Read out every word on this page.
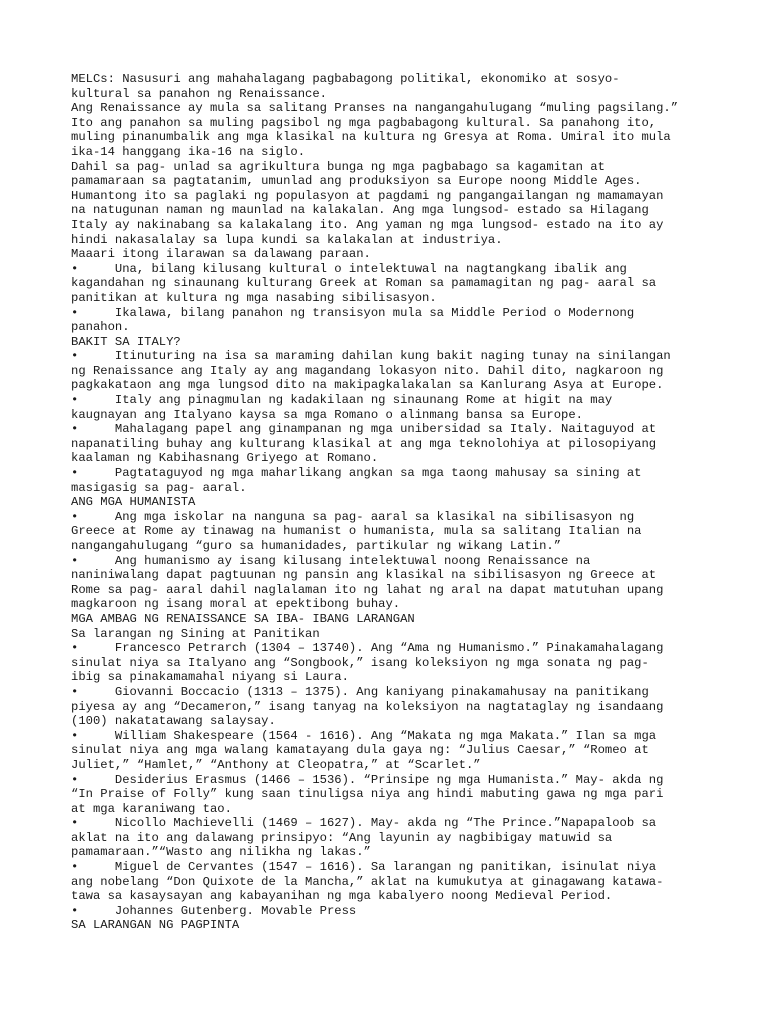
MELCs: Nasusuri ang mahahalagang pagbabagong politikal, ekonomiko at sosyo-
kultural sa panahon ng Renaissance.
Ang Renaissance ay mula sa salitang Pranses na nangangahulugang “muling pagsilang.”
Ito ang panahon sa muling pagsibol ng mga pagbabagong kultural. Sa panahong ito,
muling pinanumbalik ang mga klasikal na kultura ng Gresya at Roma. Umiral ito mula
ika-14 hanggang ika-16 na siglo.
Dahil sa pag- unlad sa agrikultura bunga ng mga pagbabago sa kagamitan at
pamamaraan sa pagtatanim, umunlad ang produksiyon sa Europe noong Middle Ages.
Humantong ito sa paglaki ng populasyon at pagdami ng pangangailangan ng mamamayan
na natugunan naman ng maunlad na kalakalan. Ang mga lungsod- estado sa Hilagang
Italy ay nakinabang sa kalakalang ito. Ang yaman ng mga lungsod- estado na ito ay
hindi nakasalalay sa lupa kundi sa kalakalan at industriya.
Maaari itong ilarawan sa dalawang paraan.
•     Una, bilang kilusang kultural o intelektuwal na nagtangkang ibalik ang
kagandahan ng sinaunang kulturang Greek at Roman sa pamamagitan ng pag- aaral sa
panitikan at kultura ng mga nasabing sibilisasyon.
•     Ikalawa, bilang panahon ng transisyon mula sa Middle Period o Modernong
panahon.
BAKIT SA ITALY?
•     Itinuturing na isa sa maraming dahilan kung bakit naging tunay na sinilangan
ng Renaissance ang Italy ay ang magandang lokasyon nito. Dahil dito, nagkaroon ng
pagkakataon ang mga lungsod dito na makipagkalakalan sa Kanlurang Asya at Europe.
•     Italy ang pinagmulan ng kadakilaan ng sinaunang Rome at higit na may
kaugnayan ang Italyano kaysa sa mga Romano o alinmang bansa sa Europe.
•     Mahalagang papel ang ginampanan ng mga unibersidad sa Italy. Naitaguyod at
napanatiling buhay ang kulturang klasikal at ang mga teknolohiya at pilosopiyang
kaalaman ng Kabihasnang Griyego at Romano.
•     Pagtataguyod ng mga maharlikang angkan sa mga taong mahusay sa sining at
masigasig sa pag- aaral.
ANG MGA HUMANISTA
•     Ang mga iskolar na nanguna sa pag- aaral sa klasikal na sibilisasyon ng
Greece at Rome ay tinawag na humanist o humanista, mula sa salitang Italian na
nangangahulugang “guro sa humanidades, partikular ng wikang Latin.”
•     Ang humanismo ay isang kilusang intelektuwal noong Renaissance na
naniniwalang dapat pagtuunan ng pansin ang klasikal na sibilisasyon ng Greece at
Rome sa pag- aaral dahil naglalaman ito ng lahat ng aral na dapat matutuhan upang
magkaroon ng isang moral at epektibong buhay.
MGA AMBAG NG RENAISSANCE SA IBA- IBANG LARANGAN
Sa larangan ng Sining at Panitikan
•     Francesco Petrarch (1304 – 13740). Ang “Ama ng Humanismo.” Pinakamahalagang
sinulat niya sa Italyano ang “Songbook,” isang koleksiyon ng mga sonata ng pag-
ibig sa pinakamamahal niyang si Laura.
•     Giovanni Boccacio (1313 – 1375). Ang kaniyang pinakamahusay na panitikang
piyesa ay ang “Decameron,” isang tanyag na koleksiyon na nagtataglay ng isandaang
(100) nakatatawang salaysay.
•     William Shakespeare (1564 - 1616). Ang “Makata ng mga Makata.” Ilan sa mga
sinulat niya ang mga walang kamatayang dula gaya ng: “Julius Caesar,” “Romeo at
Juliet,” “Hamlet,” “Anthony at Cleopatra,” at “Scarlet.”
•     Desiderius Erasmus (1466 – 1536). “Prinsipe ng mga Humanista.” May- akda ng
“In Praise of Folly” kung saan tinuligsa niya ang hindi mabuting gawa ng mga pari
at mga karaniwang tao.
•     Nicollo Machievelli (1469 – 1627). May- akda ng “The Prince.”Napapaloob sa
aklat na ito ang dalawang prinsipyo: “Ang layunin ay nagbibigay matuwid sa
pamamaraan.”“Wasto ang nilikha ng lakas.”
•     Miguel de Cervantes (1547 – 1616). Sa larangan ng panitikan, isinulat niya
ang nobelang “Don Quixote de la Mancha,” aklat na kumukutya at ginagawang katawa-
tawa sa kasaysayan ang kabayanihan ng mga kabalyero noong Medieval Period.
•     Johannes Gutenberg. Movable Press
SA LARANGAN NG PAGPINTA
